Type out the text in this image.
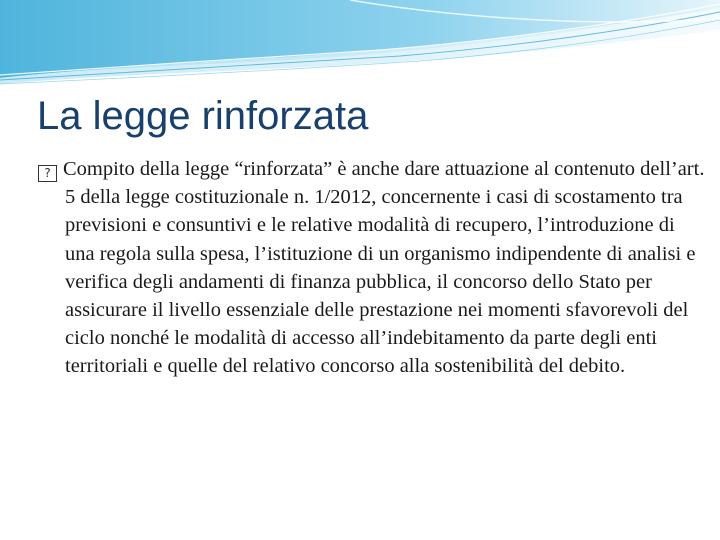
La legge rinforzata

? Compito della legge “rinforzata” è anche dare attuazione al contenuto dell’art. 5 della legge costituzionale n. 1/2012, concernente i casi di scostamento tra previsioni e consuntivi e le relative modalità di recupero, l’introduzione di una regola sulla spesa, l’istituzione di un organismo indipendente di analisi e verifica degli andamenti di finanza pubblica, il concorso dello Stato per assicurare il livello essenziale delle prestazione nei momenti sfavorevoli del ciclo nonché le modalità di accesso all’indebitamento da parte degli enti territoriali e quelle del relativo concorso alla sostenibilità del debito.
